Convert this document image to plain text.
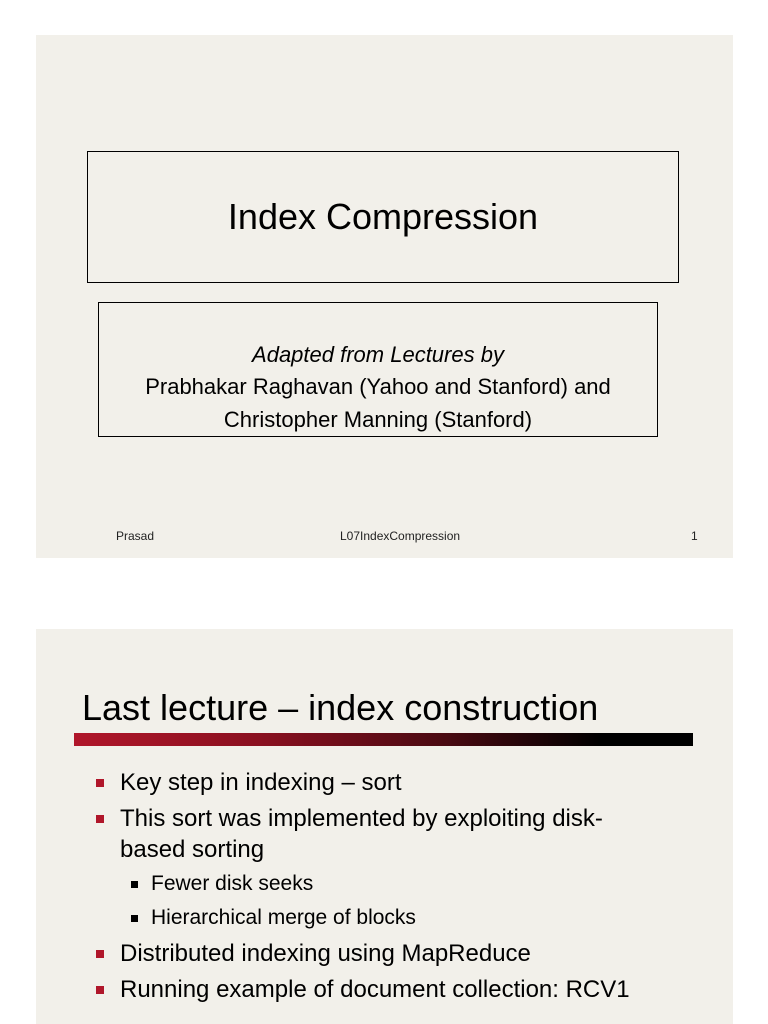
Index Compression
Adapted from Lectures by
Prabhakar Raghavan (Yahoo and Stanford) and
Christopher Manning (Stanford)
Prasad	L07IndexCompression	1
Last lecture – index construction
Key step in indexing – sort
This sort was implemented by exploiting disk-
based sorting
Fewer disk seeks
Hierarchical merge of blocks
Distributed indexing using MapReduce
Running example of document collection: RCV1
